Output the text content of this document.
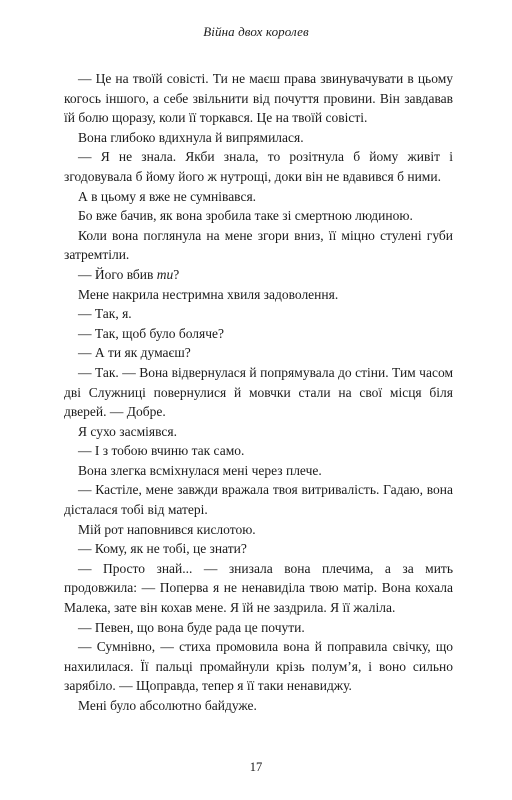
Війна двох королев

— Це на твоїй совісті. Ти не маєш права звинувачувати в цьому когось іншого, а себе звільнити від почуття провини. Він завдавав їй болю щоразу, коли її торкався. Це на твоїй совісті.

Вона глибоко вдихнула й випрямилася.

— Я не знала. Якби знала, то розітнула б йому живіт і згодовувала б йому його ж нутрощі, доки він не вдавився б ними.

А в цьому я вже не сумнівався.

Бо вже бачив, як вона зробила таке зі смертною людиною.

Коли вона поглянула на мене згори вниз, її міцно стулені губи затремтіли.

— Його вбив ти?

Мене накрила нестримна хвиля задоволення.

— Так, я.

— Так, щоб було боляче?

— А ти як думаєш?

— Так. — Вона відвернулася й попрямувала до стіни. Тим часом дві Служниці повернулися й мовчки стали на свої місця біля дверей. — Добре.

Я сухо засміявся.

— І з тобою вчиню так само.

Вона злегка всміхнулася мені через плече.

— Кастіле, мене завжди вражала твоя витривалість. Гадаю, вона дісталася тобі від матері.

Мій рот наповнився кислотою.

— Кому, як не тобі, це знати?

— Просто знай... — знизала вона плечима, а за мить продовжила: — Поперва я не ненавиділа твою матір. Вона кохала Малека, зате він кохав мене. Я їй не заздрила. Я її жаліла.

— Певен, що вона буде рада це почути.

— Сумнівно, — стиха промовила вона й поправила свічку, що нахилилася. Її пальці промайнули крізь полум’я, і воно сильно зарябіло. — Щоправда, тепер я її таки ненавиджу.

Мені було абсолютно байдуже.

17
